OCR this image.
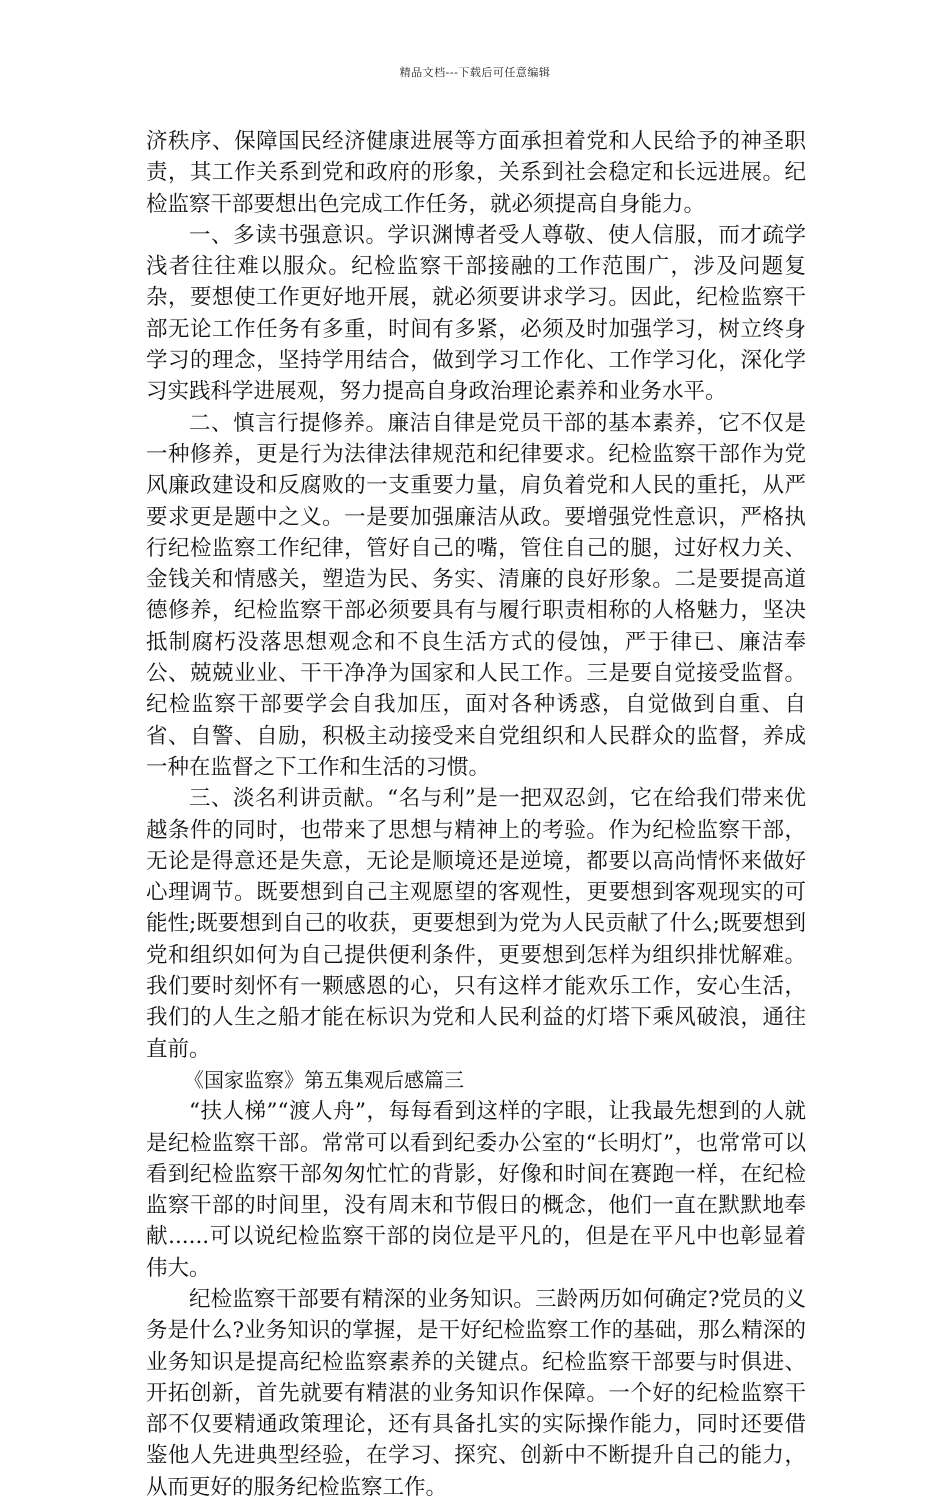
精品文档---下载后可任意编辑

济秩序、保障国民经济健康进展等方面承担着党和人民给予的神圣职责，其工作关系到党和政府的形象，关系到社会稳定和长远进展。纪检监察干部要想出色完成工作任务，就必须提高自身能力。

一、多读书强意识。学识渊博者受人尊敬、使人信服，而才疏学浅者往往难以服众。纪检监察干部接融的工作范围广，涉及问题复杂，要想使工作更好地开展，就必须要讲求学习。因此，纪检监察干部无论工作任务有多重，时间有多紧，必须及时加强学习，树立终身学习的理念，坚持学用结合，做到学习工作化、工作学习化，深化学习实践科学进展观，努力提高自身政治理论素养和业务水平。

二、慎言行提修养。廉洁自律是党员干部的基本素养，它不仅是一种修养，更是行为法律法律规范和纪律要求。纪检监察干部作为党风廉政建设和反腐败的一支重要力量，肩负着党和人民的重托，从严要求更是题中之义。一是要加强廉洁从政。要增强党性意识，严格执行纪检监察工作纪律，管好自己的嘴，管住自己的腿，过好权力关、金钱关和情感关，塑造为民、务实、清廉的良好形象。二是要提高道德修养，纪检监察干部必须要具有与履行职责相称的人格魅力，坚决抵制腐朽没落思想观念和不良生活方式的侵蚀，严于律已、廉洁奉公、兢兢业业、干干净净为国家和人民工作。三是要自觉接受监督。纪检监察干部要学会自我加压，面对各种诱惑，自觉做到自重、自省、自警、自励，积极主动接受来自党组织和人民群众的监督，养成一种在监督之下工作和生活的习惯。

三、淡名利讲贡献。“名与利”是一把双忍剑，它在给我们带来优越条件的同时，也带来了思想与精神上的考验。作为纪检监察干部，无论是得意还是失意，无论是顺境还是逆境，都要以高尚情怀来做好心理调节。既要想到自己主观愿望的客观性，更要想到客观现实的可能性;既要想到自己的收获，更要想到为党为人民贡献了什么;既要想到党和组织如何为自己提供便利条件，更要想到怎样为组织排忧解难。我们要时刻怀有一颗感恩的心，只有这样才能欢乐工作，安心生活，我们的人生之船才能在标识为党和人民利益的灯塔下乘风破浪，通往直前。

《国家监察》第五集观后感篇三

“扶人梯”“渡人舟”，每每看到这样的字眼，让我最先想到的人就是纪检监察干部。常常可以看到纪委办公室的“长明灯”，也常常可以看到纪检监察干部匆匆忙忙的背影，好像和时间在赛跑一样，在纪检监察干部的时间里，没有周末和节假日的概念，他们一直在默默地奉献......可以说纪检监察干部的岗位是平凡的，但是在平凡中也彰显着伟大。

纪检监察干部要有精深的业务知识。三龄两历如何确定?党员的义务是什么?业务知识的掌握，是干好纪检监察工作的基础，那么精深的业务知识是提高纪检监察素养的关键点。纪检监察干部要与时俱进、开拓创新，首先就要有精湛的业务知识作保障。一个好的纪检监察干部不仅要精通政策理论，还有具备扎实的实际操作能力，同时还要借鉴他人先进典型经验，在学习、探究、创新中不断提升自己的能力，从而更好的服务纪检监察工作。
